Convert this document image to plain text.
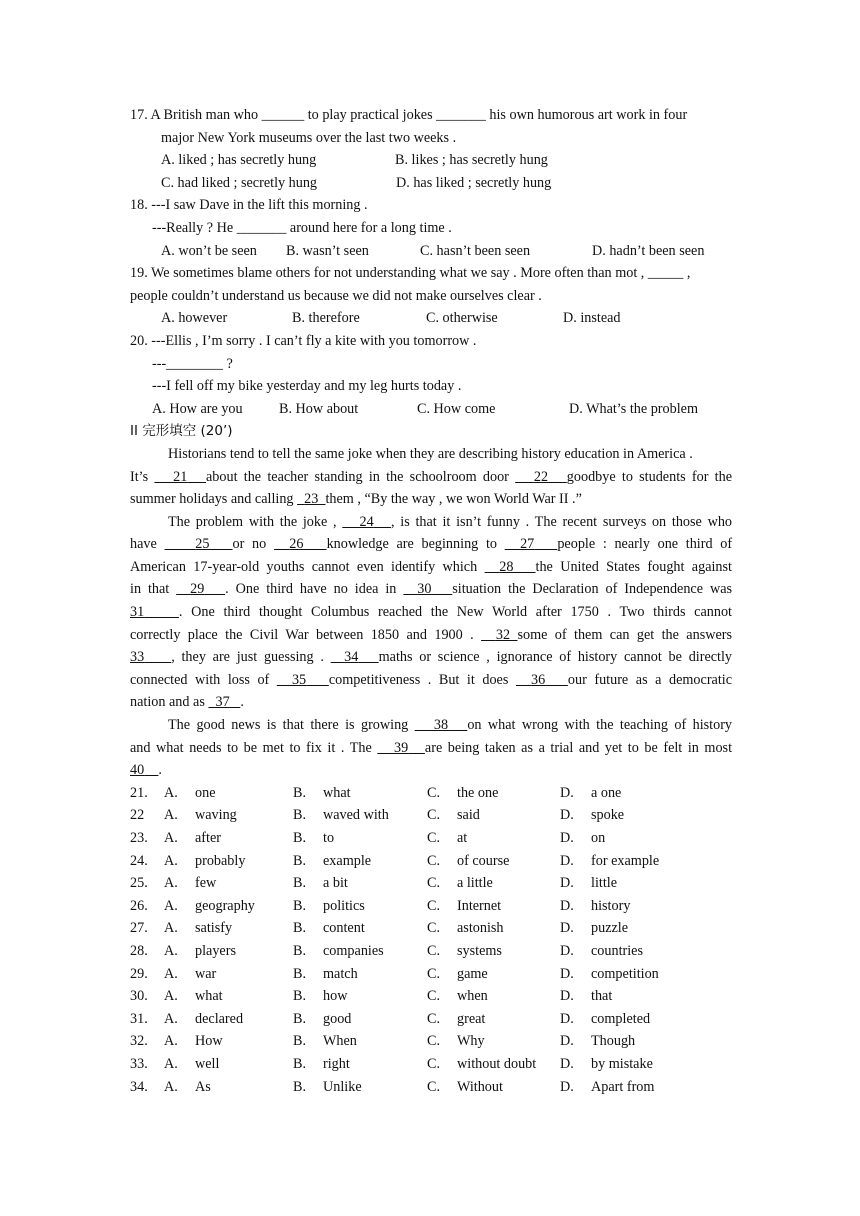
17. A British man who ______ to play practical jokes _______ his own humorous art work in four
major New York museums over the last two weeks .
A. liked ; has secretly hung	B. likes ; has secretly hung
C. had liked ; secretly hung	D. has liked ; secretly hung
18. ---I saw Dave in the lift this morning .
---Really ? He _______ around here for a long time .
A. won’t be seen B. wasn’t seen	C. hasn’t been seen	D. hadn’t been seen
19. We sometimes blame others for not understanding what we say . More often than mot , _____ ,
people couldn’t understand us because we did not make ourselves clear .
A. however	B. therefore	C. otherwise	D. instead
20. ---Ellis , I’m sorry . I can’t fly a kite with you tomorrow .
---________ ?
---I fell off my bike yesterday and my leg hurts today .
A. How are you	B. How about	C. How come	D. What’s the problem
II 完形填空 (20’)
Historians tend to tell the same joke when they are describing history education in America .
It’s    21 about the teacher standing in the schoolroom door    22 goodbye to students for the
summer holidays and calling   23 them , “By the way , we won World War II .”
The problem with the joke ,    24 , is that it isn’t funny . The recent surveys on those who
have     25 or no   26 knowledge are beginning to   27 people : nearly one third of
American 17-year-old youths cannot even identify which   28 the United States fought against
in that   29 . One third have no idea in   30 situation the Declaration of Independence was
31 . One third thought Columbus reached the New World after 1750 . Two thirds cannot
correctly place the Civil War between 1850 and 1900 .   32 some of them can get the answers
33 , they are just guessing .   34 maths or science , ignorance of history cannot be directly
connected with loss of   35 competitiveness . But it does   36 our future as a democratic
nation and as   37 .
The good news is that there is growing    38 on what wrong with the teaching of history
and what needs to be met to fix it . The    39 are being taken as a trial and yet to be felt in most
40 .
21. A. one	B. what	C. the one	D. a one
22 A. waving	B. waved with	C. said	D. spoke
23. A. after	B. to	C. at	D. on
24. A. probably	B. example	C. of course	D. for example
25. A. few	B. a bit	C. a little	D. little
26. A. geography	B. politics	C. Internet	D. history
27. A. satisfy	B. content	C. astonish	D. puzzle
28. A. players	B. companies	C. systems	D. countries
29. A. war	B. match	C. game	D. competition
30. A. what	B. how	C. when	D. that
31. A. declared	B. good	C. great	D. completed
32. A. How	B. When	C. Why	D. Though
33. A. well	B. right	C. without doubt D. by mistake
34. A. As	B. Unlike	C. Without	D. Apart from
